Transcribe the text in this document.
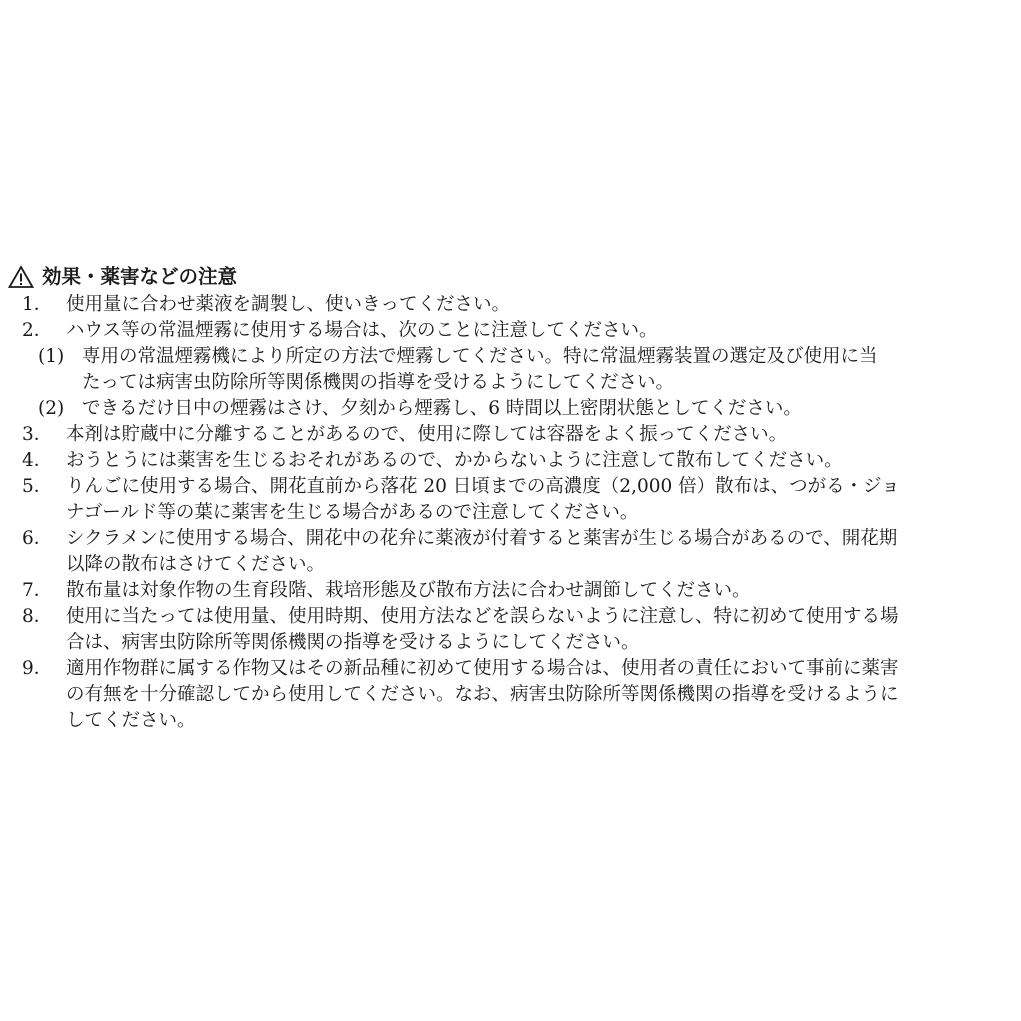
効果・薬害などの注意
1． 使用量に合わせ薬液を調製し、使いきってください。
2． ハウス等の常温煙霧に使用する場合は、次のことに注意してください。
(1) 専用の常温煙霧機により所定の方法で煙霧してください。特に常温煙霧装置の選定及び使用に当
たっては病害虫防除所等関係機関の指導を受けるようにしてください。
(2) できるだけ日中の煙霧はさけ、夕刻から煙霧し、6 時間以上密閉状態としてください。
3． 本剤は貯蔵中に分離することがあるので、使用に際しては容器をよく振ってください。
4． おうとうには薬害を生じるおそれがあるので、かからないように注意して散布してください。
5． りんごに使用する場合、開花直前から落花 20 日頃までの高濃度（2,000 倍）散布は、つがる・ジョ
ナゴールド等の葉に薬害を生じる場合があるので注意してください。
6． シクラメンに使用する場合、開花中の花弁に薬液が付着すると薬害が生じる場合があるので、開花期
以降の散布はさけてください。
7． 散布量は対象作物の生育段階、栽培形態及び散布方法に合わせ調節してください。
8． 使用に当たっては使用量、使用時期、使用方法などを誤らないように注意し、特に初めて使用する場
合は、病害虫防除所等関係機関の指導を受けるようにしてください。
9． 適用作物群に属する作物又はその新品種に初めて使用する場合は、使用者の責任において事前に薬害
の有無を十分確認してから使用してください。なお、病害虫防除所等関係機関の指導を受けるように
してください。
